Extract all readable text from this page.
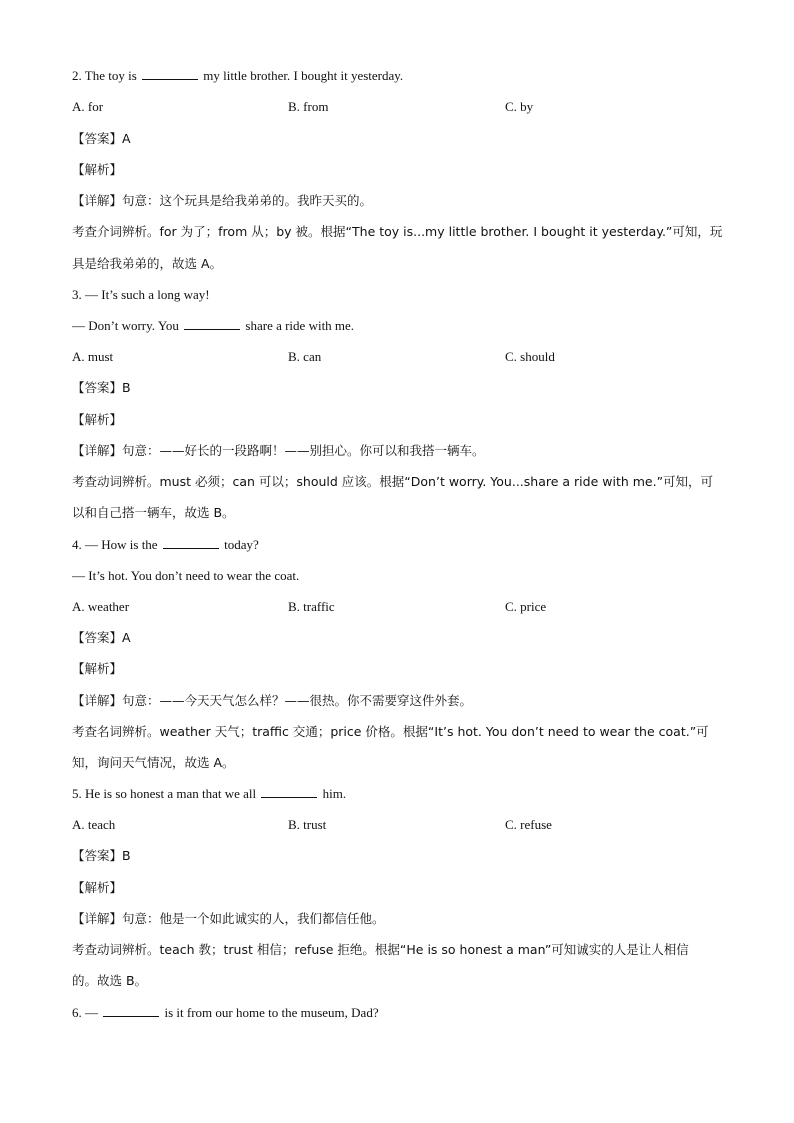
2. The toy is	my little brother. I bought it yesterday.
A. for	B. from	C. by
【答案】A
【解析】
【详解】句意：这个玩具是给我弟弟的。我昨天买的。
考查介词辨析。for 为了；from 从；by 被。根据“The toy is...my little brother. I bought it yesterday.”可知，玩
具是给我弟弟的，故选 A。
3. — It’s such a long way!
— Don’t worry. You	share a ride with me.
A. must	B. can	C. should
【答案】B
【解析】
【详解】句意：——好长的一段路啊！——别担心。你可以和我搭一辆车。
考查动词辨析。must 必须；can 可以；should 应该。根据“Don’t worry. You...share a ride with me.”可知，可
以和自己搭一辆车，故选 B。
4. — How is the	today?
— It’s hot. You don’t need to wear the coat.
A. weather	B. traffic	C. price
【答案】A
【解析】
【详解】句意：——今天天气怎么样？——很热。你不需要穿这件外套。
考查名词辨析。weather 天气；traffic 交通；price 价格。根据“It’s hot. You don’t need to wear the coat.”可
知，询问天气情况，故选 A。
5. He is so honest a man that we all	him.
A. teach	B. trust	C. refuse
【答案】B
【解析】
【详解】句意：他是一个如此诚实的人，我们都信任他。
考查动词辨析。teach 教；trust 相信；refuse 拒绝。根据“He is so honest a man”可知诚实的人是让人相信
的。故选 B。
6. —	is it from our home to the museum, Dad?
